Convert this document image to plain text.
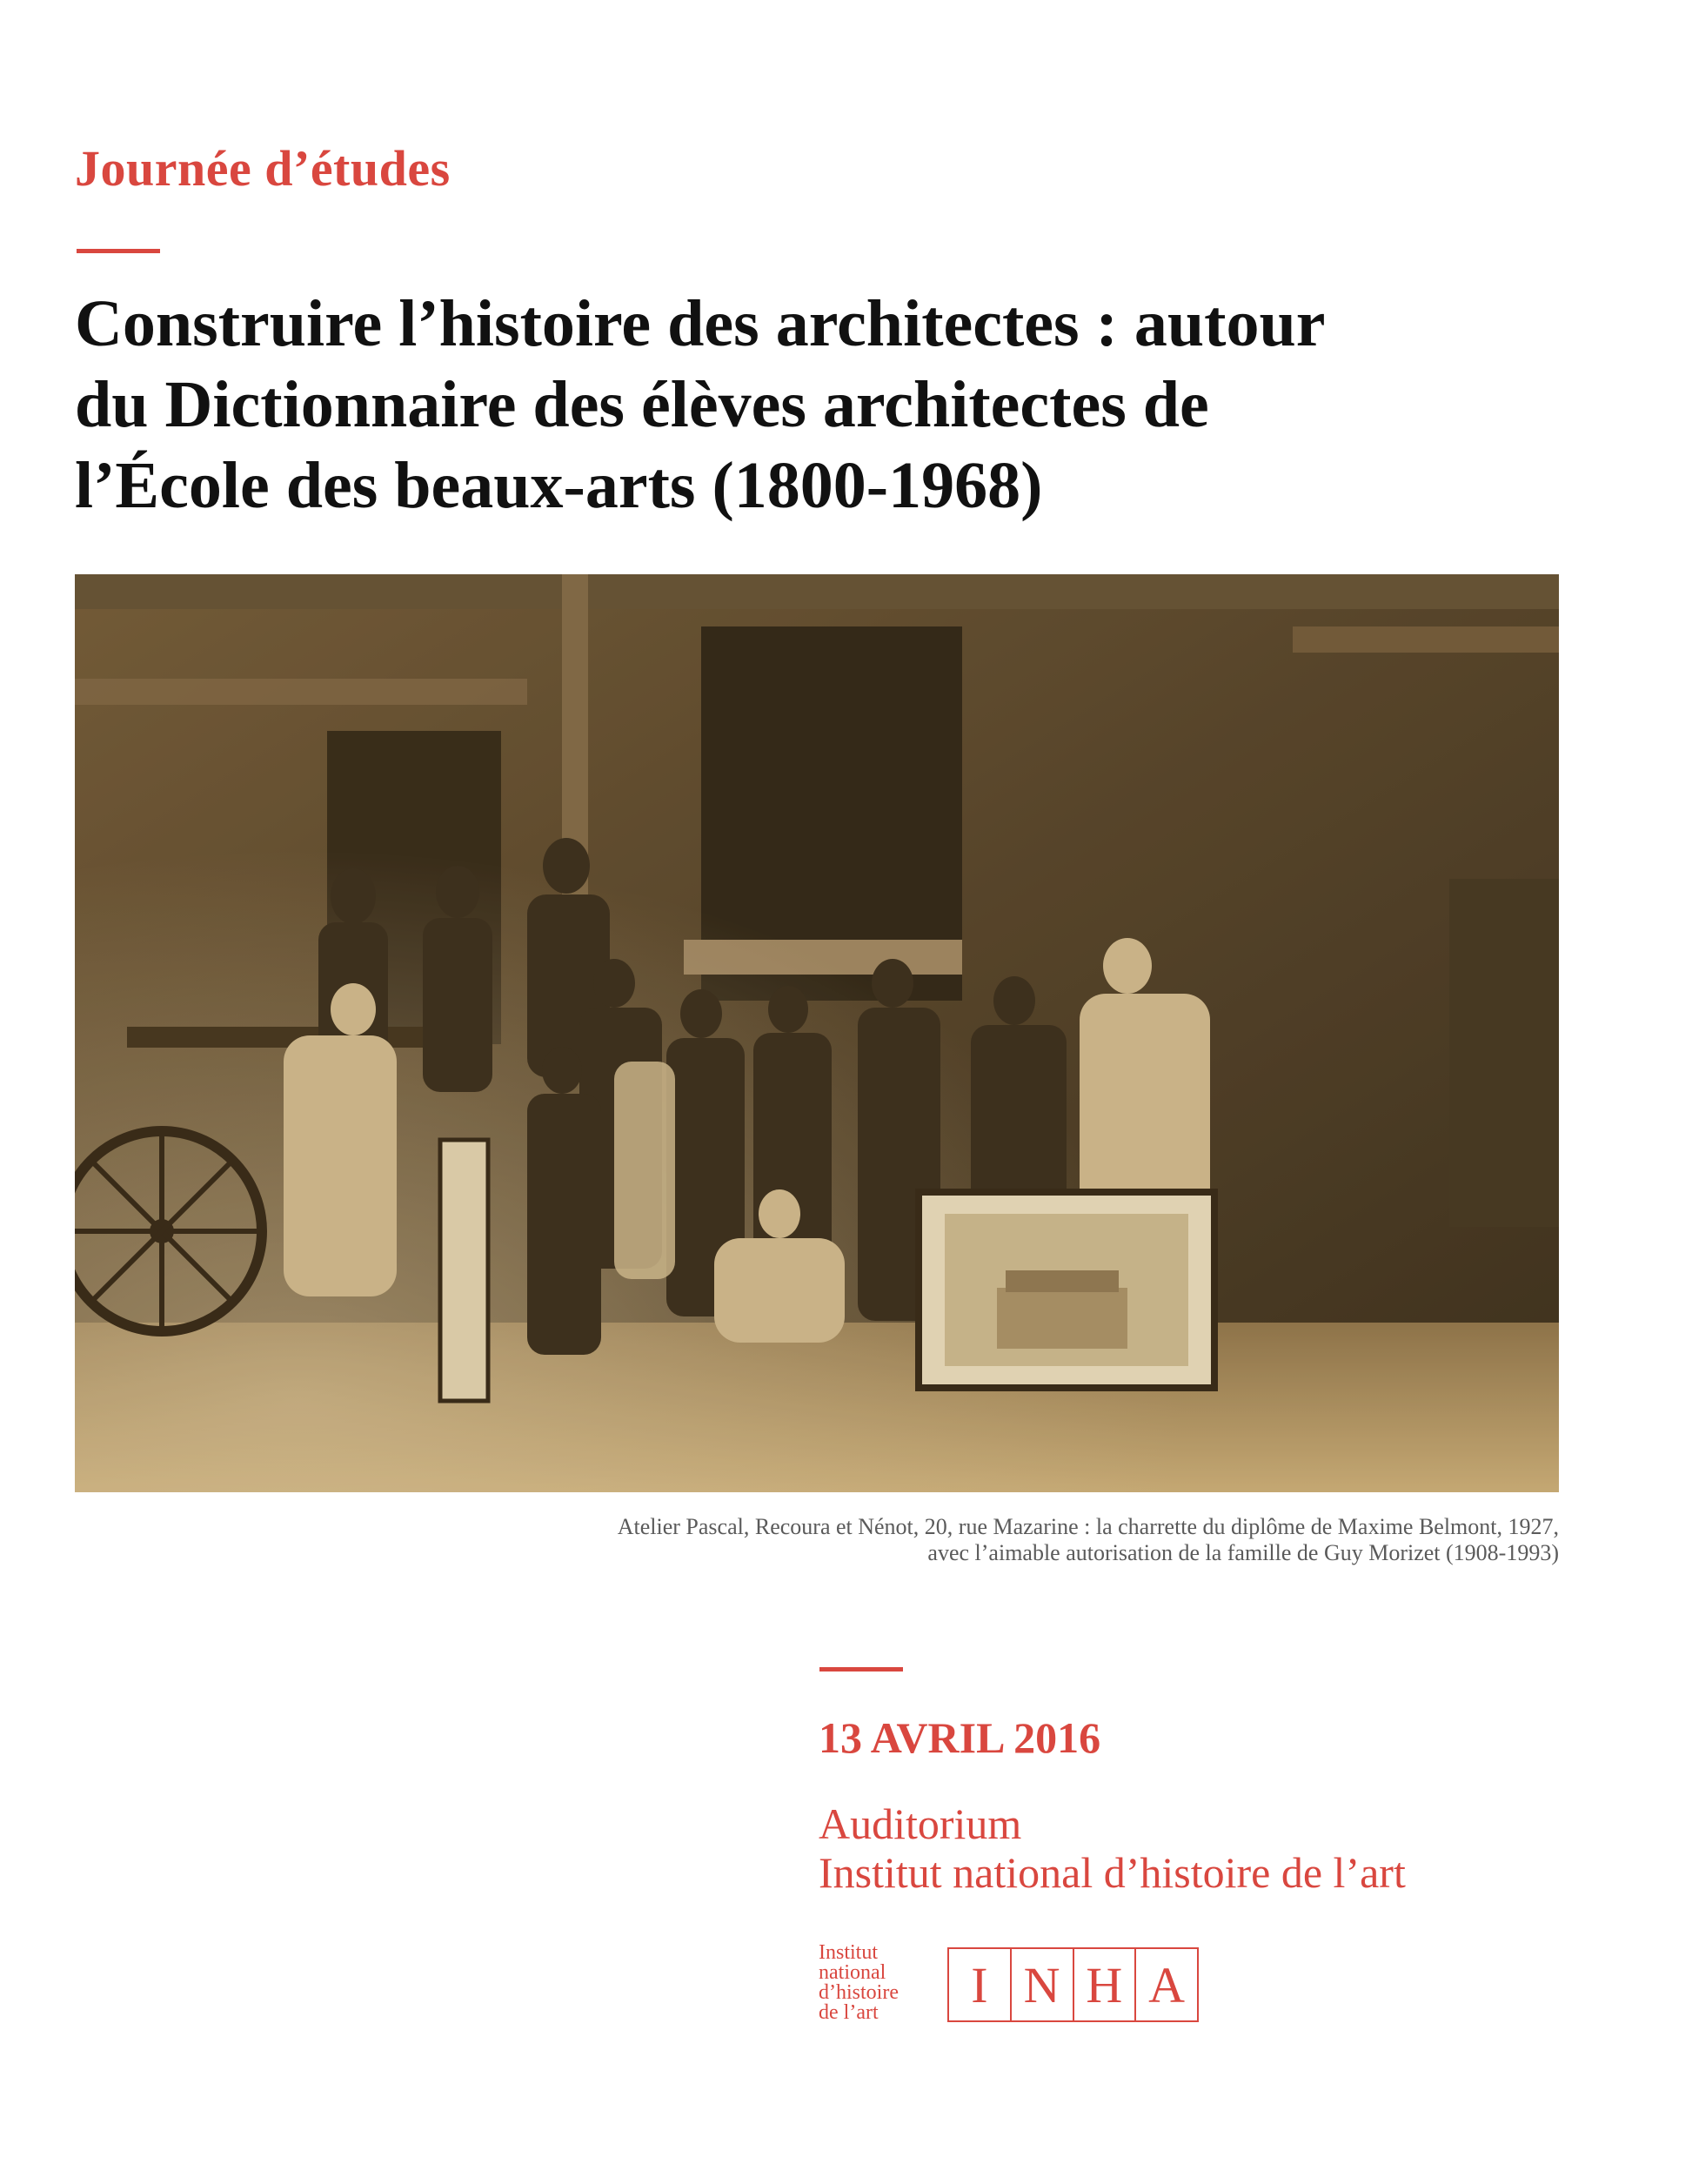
Journée d’études
Construire l’histoire des architectes : autour
du Dictionnaire des élèves architectes de
l’École des beaux-arts (1800-1968)
Atelier Pascal, Recoura et Nénot, 20, rue Mazarine : la charrette du diplôme de Maxime Belmont, 1927,
avec l’aimable autorisation de la famille de Guy Morizet (1908-1993)
13 AVRIL 2016
Auditorium
Institut national d’histoire de l’art
Institut
national
d’histoire
de l’art	I N H A
